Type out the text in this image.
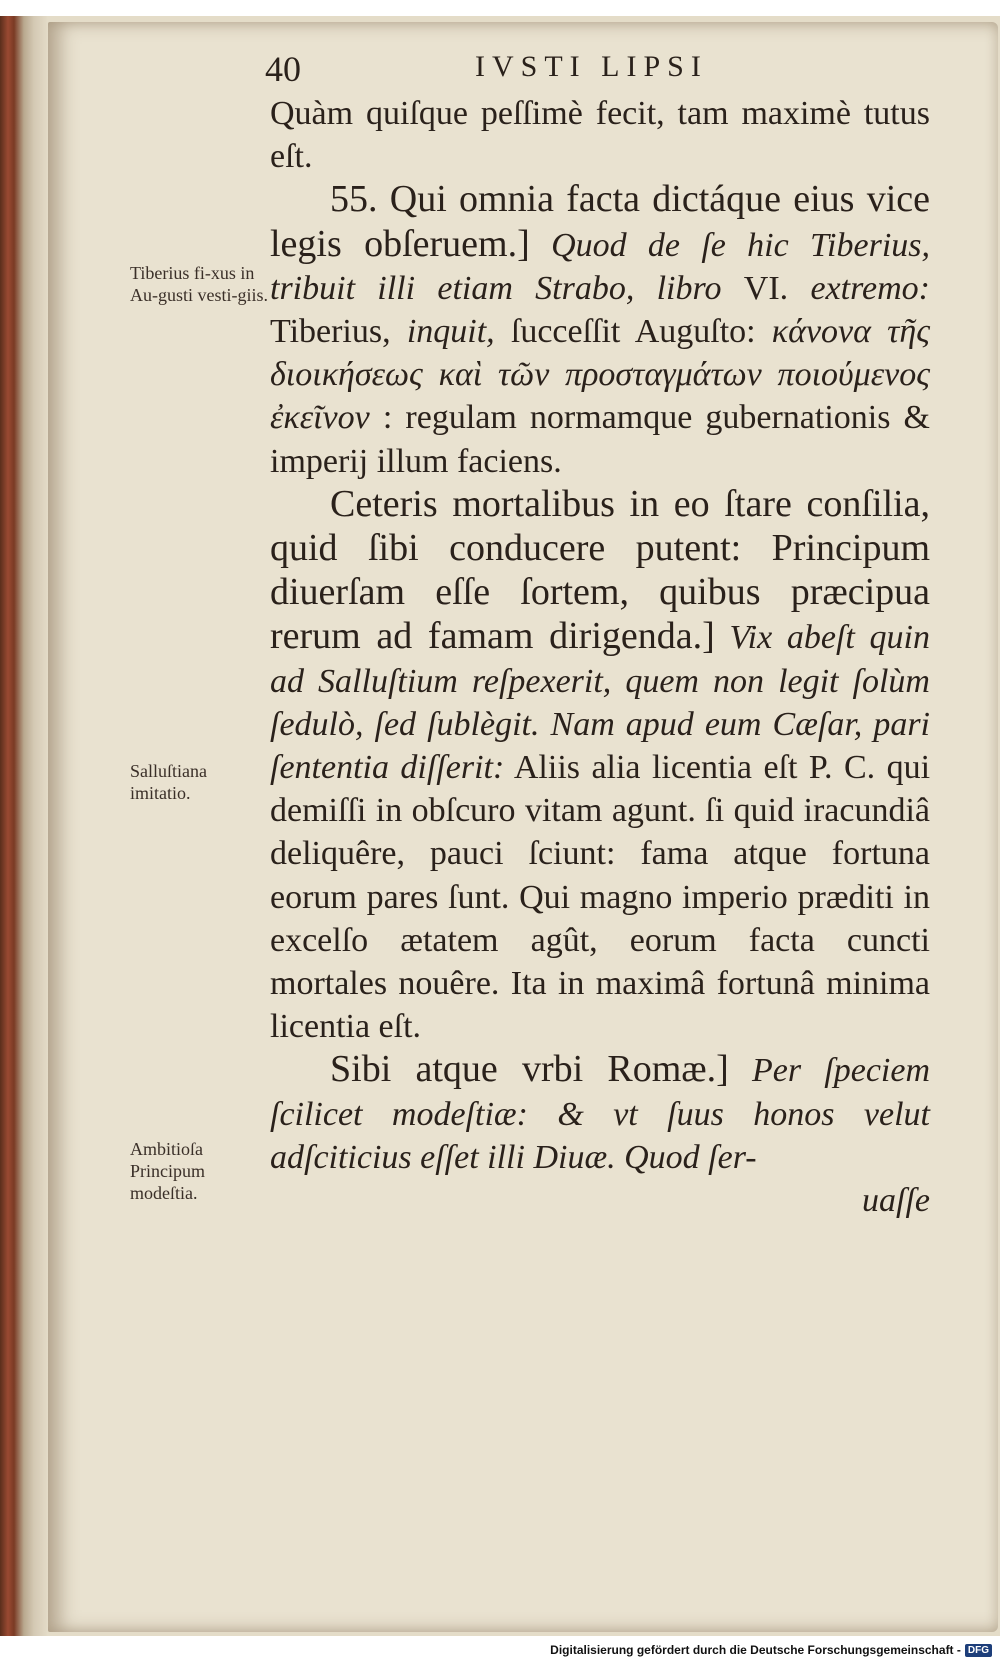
40	IVSTI LIPSI
Tiberius fi-xus in Au-gusti vesti-giis.
Salluſtiana imitatio.
Ambitioſa Principum modeſtia.

Quàm quiſque peſſimè fecit, tam maximè tutus eſt.

55. Qui omnia facta dictáque eius vice legis obſeruem.] Quod de ſe hic Tiberius, tribuit illi etiam Strabo, libro VI. extremo: Tiberius, inquit, ſucceſſit Auguſto: κάνονα τῆς διοικήσεως καὶ τῶν προσταγμάτων ποιούμενος ἐκεῖνον : regulam normamque gubernationis & imperij illum faciens.

Ceteris mortalibus in eo ſtare conſilia, quid ſibi conducere putent: Principum diuerſam eſſe ſortem, quibus præcipua rerum ad famam dirigenda.] Vix abeſt quin ad Salluſtium reſpexerit, quem non legit ſolùm ſedulò, ſed ſublègit. Nam apud eum Cæſar, pari ſententia diſſerit: Aliis alia licentia eſt P. C. qui demiſſi in obſcuro vitam agunt. ſi quid iracundiâ deliquêre, pauci ſciunt: fama atque fortuna eorum pares ſunt. Qui magno imperio præditi in excelſo ætatem agût, eorum facta cuncti mortales nouêre. Ita in maximâ fortunâ minima licentia eſt.

Sibi atque vrbi Romæ.] Per ſpeciem ſcilicet modeſtiæ: & vt ſuus honos velut adſciticius eſſet illi Diuæ. Quod ſer-

uaſſe

Digitalisierung gefördert durch die Deutsche Forschungsgemeinschaft - DFG
